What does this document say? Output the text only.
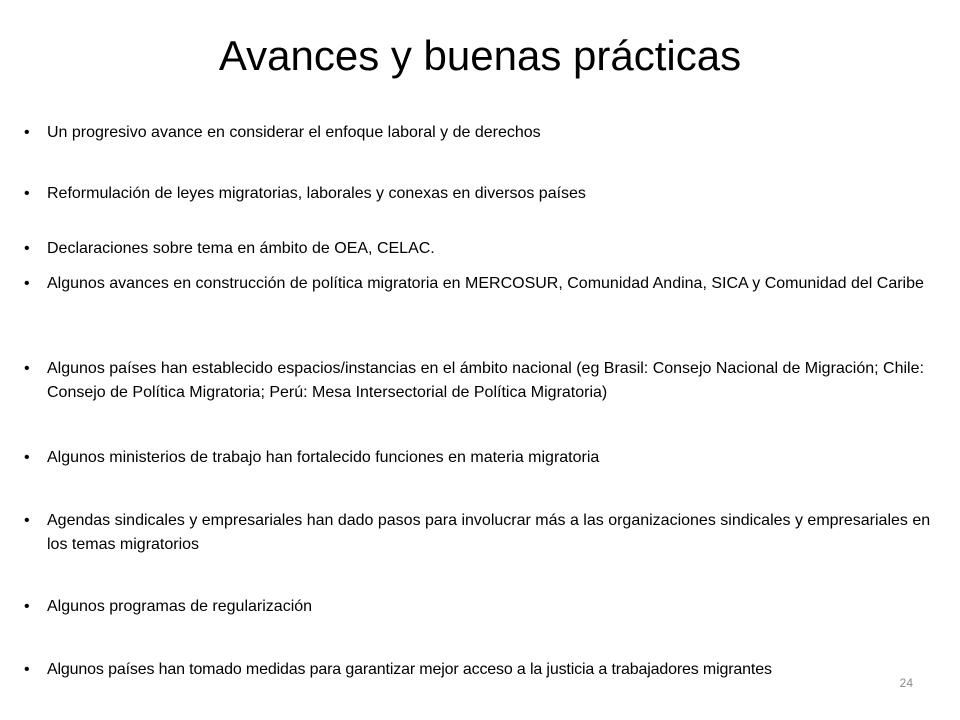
Avances y buenas prácticas
• Un progresivo avance en considerar el enfoque laboral y de derechos
• Reformulación de leyes migratorias, laborales y conexas en diversos países
• Declaraciones sobre tema en ámbito de OEA, CELAC.
• Algunos avances en construcción de política migratoria en MERCOSUR, Comunidad Andina, SICA y Comunidad del Caribe
• Algunos países han establecido espacios/instancias en el ámbito nacional (eg Brasil: Consejo Nacional de Migración; Chile: Consejo de Política Migratoria; Perú: Mesa Intersectorial de Política Migratoria)
• Algunos ministerios de trabajo han fortalecido funciones en materia migratoria
• Agendas sindicales y empresariales han dado pasos para involucrar más a las organizaciones sindicales y empresariales en los temas migratorios
• Algunos programas de regularización
• Algunos países han tomado medidas para garantizar mejor acceso a la justicia a trabajadores migrantes
24
